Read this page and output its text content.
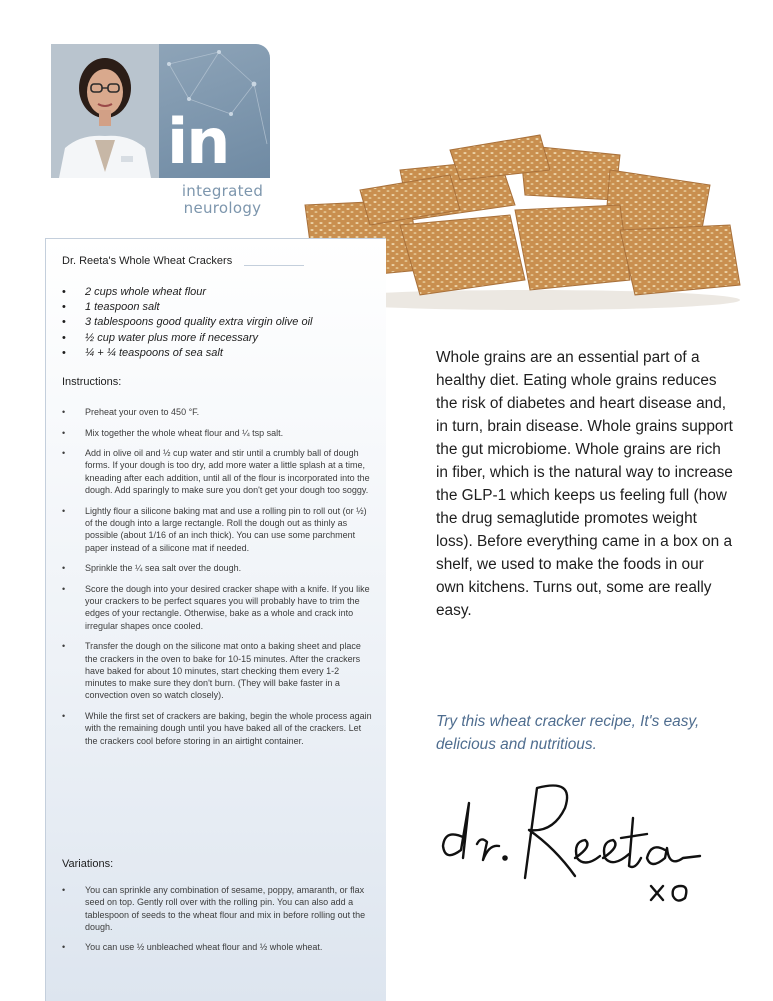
in
integrated
neurology
Dr. Reeta's Whole Wheat Crackers
• 2 cups whole wheat flour
• 1 teaspoon salt
• 3 tablespoons good quality extra virgin olive oil
• ½ cup water plus more if necessary
• ¼ + ¼ teaspoons of sea salt
Instructions:
• Preheat your oven to 450 °F.
• Mix together the whole wheat flour and ¼ tsp salt.
• Add in olive oil and ½ cup water and stir until a crumbly ball of dough forms. If your dough is too dry, add more water a little splash at a time, kneading after each addition, until all of the flour is incorporated into the dough. Add sparingly to make sure you don't get your dough too soggy.
• Lightly flour a silicone baking mat and use a rolling pin to roll out (or ½) of the dough into a large rectangle. Roll the dough out as thinly as possible (about 1/16 of an inch thick). You can use some parchment paper instead of a silicone mat if needed.
• Sprinkle the ¼ sea salt over the dough.
• Score the dough into your desired cracker shape with a knife. If you like your crackers to be perfect squares you will probably have to trim the edges of your rectangle. Otherwise, bake as a whole and crack into irregular shapes once cooled.
• Transfer the dough on the silicone mat onto a baking sheet and place the crackers in the oven to bake for 10-15 minutes. After the crackers have baked for about 10 minutes, start checking them every 1-2 minutes to make sure they don't burn. (They will bake faster in a convection oven so watch closely).
• While the first set of crackers are baking, begin the whole process again with the remaining dough until you have baked all of the crackers. Let the crackers cool before storing in an airtight container.
Variations:
• You can sprinkle any combination of sesame, poppy, amaranth, or flax seed on top. Gently roll over with the rolling pin. You can also add a tablespoon of seeds to the wheat flour and mix in before rolling out the dough.
• You can use ½ unbleached wheat flour and ½ whole wheat.
Whole grains are an essential part of a healthy diet. Eating whole grains reduces the risk of diabetes and heart disease and, in turn, brain disease. Whole grains support the gut microbiome. Whole grains are rich in fiber, which is the natural way to increase the GLP-1 which keeps us feeling full (how the drug semaglutide promotes weight loss). Before everything came in a box on a shelf, we used to make the foods in our own kitchens. Turns out, some are really easy.
Try this wheat cracker recipe, It's easy, delicious and nutritious.
